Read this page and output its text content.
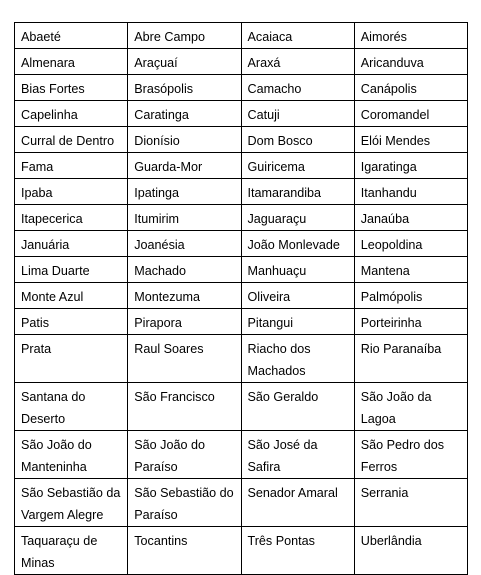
Abaeté	Abre Campo	Acaiaca	Aimorés
Almenara	Araçuaí	Araxá	Aricanduva
Bias Fortes	Brasópolis	Camacho	Canápolis
Capelinha	Caratinga	Catuji	Coromandel
Curral de Dentro	Dionísio	Dom Bosco	Elói Mendes
Fama	Guarda-Mor	Guiricema	Igaratinga
Ipaba	Ipatinga	Itamarandiba	Itanhandu
Itapecerica	Itumirim	Jaguaraçu	Janaúba
Januária	Joanésia	João Monlevade	Leopoldina
Lima Duarte	Machado	Manhuaçu	Mantena
Monte Azul	Montezuma	Oliveira	Palmópolis
Patis	Pirapora	Pitangui	Porteirinha

Prata	Raul Soares	Riacho dos Machados	Rio Paranaíba

Santana do Deserto	São Francisco	São Geraldo	São João da Lagoa

São João do Manteninha	São João do Paraíso	São José da Safira	São Pedro dos Ferros

São Sebastião da Vargem Alegre	São Sebastião do Paraíso	Senador Amaral	Serrania

Taquaraçu de Minas	Tocantins	Três Pontas	Uberlândia
